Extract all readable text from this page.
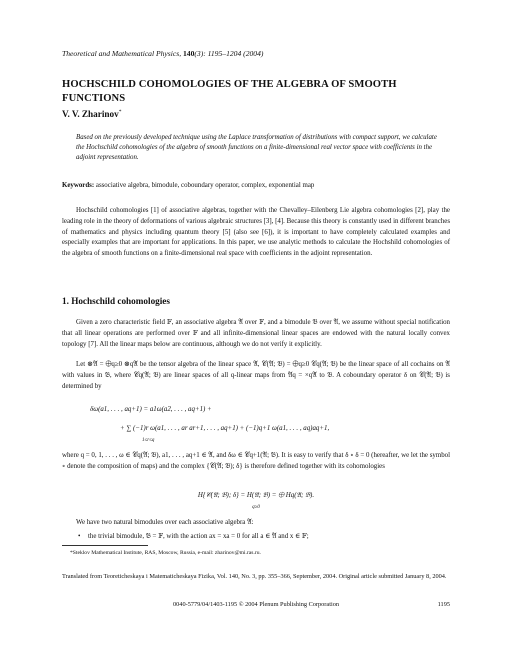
Theoretical and Mathematical Physics, 140(3): 1195–1204 (2004)
HOCHSCHILD COHOMOLOGIES OF THE ALGEBRA OF SMOOTH FUNCTIONS
V. V. Zharinov*

Based on the previously developed technique using the Laplace transformation of distributions with compact support, we calculate the Hochschild cohomologies of the algebra of smooth functions on a finite-dimensional real vector space with coefficients in the adjoint representation.

Keywords: associative algebra, bimodule, coboundary operator, complex, exponential map

Hochschild cohomologies [1] of associative algebras, together with the Chevalley–Eilenberg Lie algebra cohomologies [2], play the leading role in the theory of deformations of various algebraic structures [3], [4]. Because this theory is constantly used in different branches of mathematics and physics including quantum theory [5] (also see [6]), it is important to have completely calculated examples and especially examples that are important for applications. In this paper, we use analytic methods to calculate the Hochshild cohomologies of the algebra of smooth functions on a finite-dimensional real space with coefficients in the adjoint representation.

1. Hochschild cohomologies

Given a zero characteristic field 𝔽, an associative algebra 𝔄 over 𝔽, and a bimodule 𝔅 over 𝔄, we assume without special notification that all linear operations are performed over 𝔽 and all infinite-dimensional linear spaces are endowed with the natural locally convex topology [7]. All the linear maps below are continuous, although we do not verify it explicitly.

Let ⊗𝔄 = ⨁q≥0 ⊗q𝔄 be the tensor algebra of the linear space 𝔄, 𝒞(𝔄; 𝔅) = ⨁q≥0 𝒞q(𝔄; 𝔅) be the linear space of all cochains on 𝔄 with values in 𝔅, where 𝒞q(𝔄; 𝔅) are linear spaces of all q-linear maps from 𝔄q = ×q𝔄 to 𝔅. A coboundary operator δ on 𝒞(𝔄; 𝔅) is determined by

δω(a1, . . . , aq+1) = a1ω(a2, . . . , aq+1) +
+ ∑ (−1)r ω(a1, . . . , ar ar+1, . . . , aq+1) + (−1)q+1 ω(a1, . . . , aq)aq+1,
1≤r≤q

where q = 0, 1, . . . , ω ∈ 𝒞q(𝔄; 𝔅), a1, . . . , aq+1 ∈ 𝔄, and δω ∈ 𝒞q+1(𝔄; 𝔅). It is easy to verify that δ ∘ δ = 0 (hereafter, we let the symbol ∘ denote the composition of maps) and the complex {𝒞(𝔄; 𝔅); δ} is therefore defined together with its cohomologies

H{𝒞(𝔄; 𝔅); δ} = H(𝔄; 𝔅) = ⨁ Hq(𝔄; 𝔅).
q≥0

We have two natural bimodules over each associative algebra 𝔄:

• the trivial bimodule, 𝔅 = 𝔽, with the action ax = xa = 0 for all a ∈ 𝔄 and x ∈ 𝔽;
*Steklov Mathematical Institute, RAS, Moscow, Russia, e-mail: zharinov@mi.ras.ru.

Translated from Teoreticheskaya i Matematicheskaya Fizika, Vol. 140, No. 3, pp. 355–366, September, 2004. Original article submitted January 8, 2004.

0040-5779/04/1403-1195 © 2004 Plenum Publishing Corporation	1195
